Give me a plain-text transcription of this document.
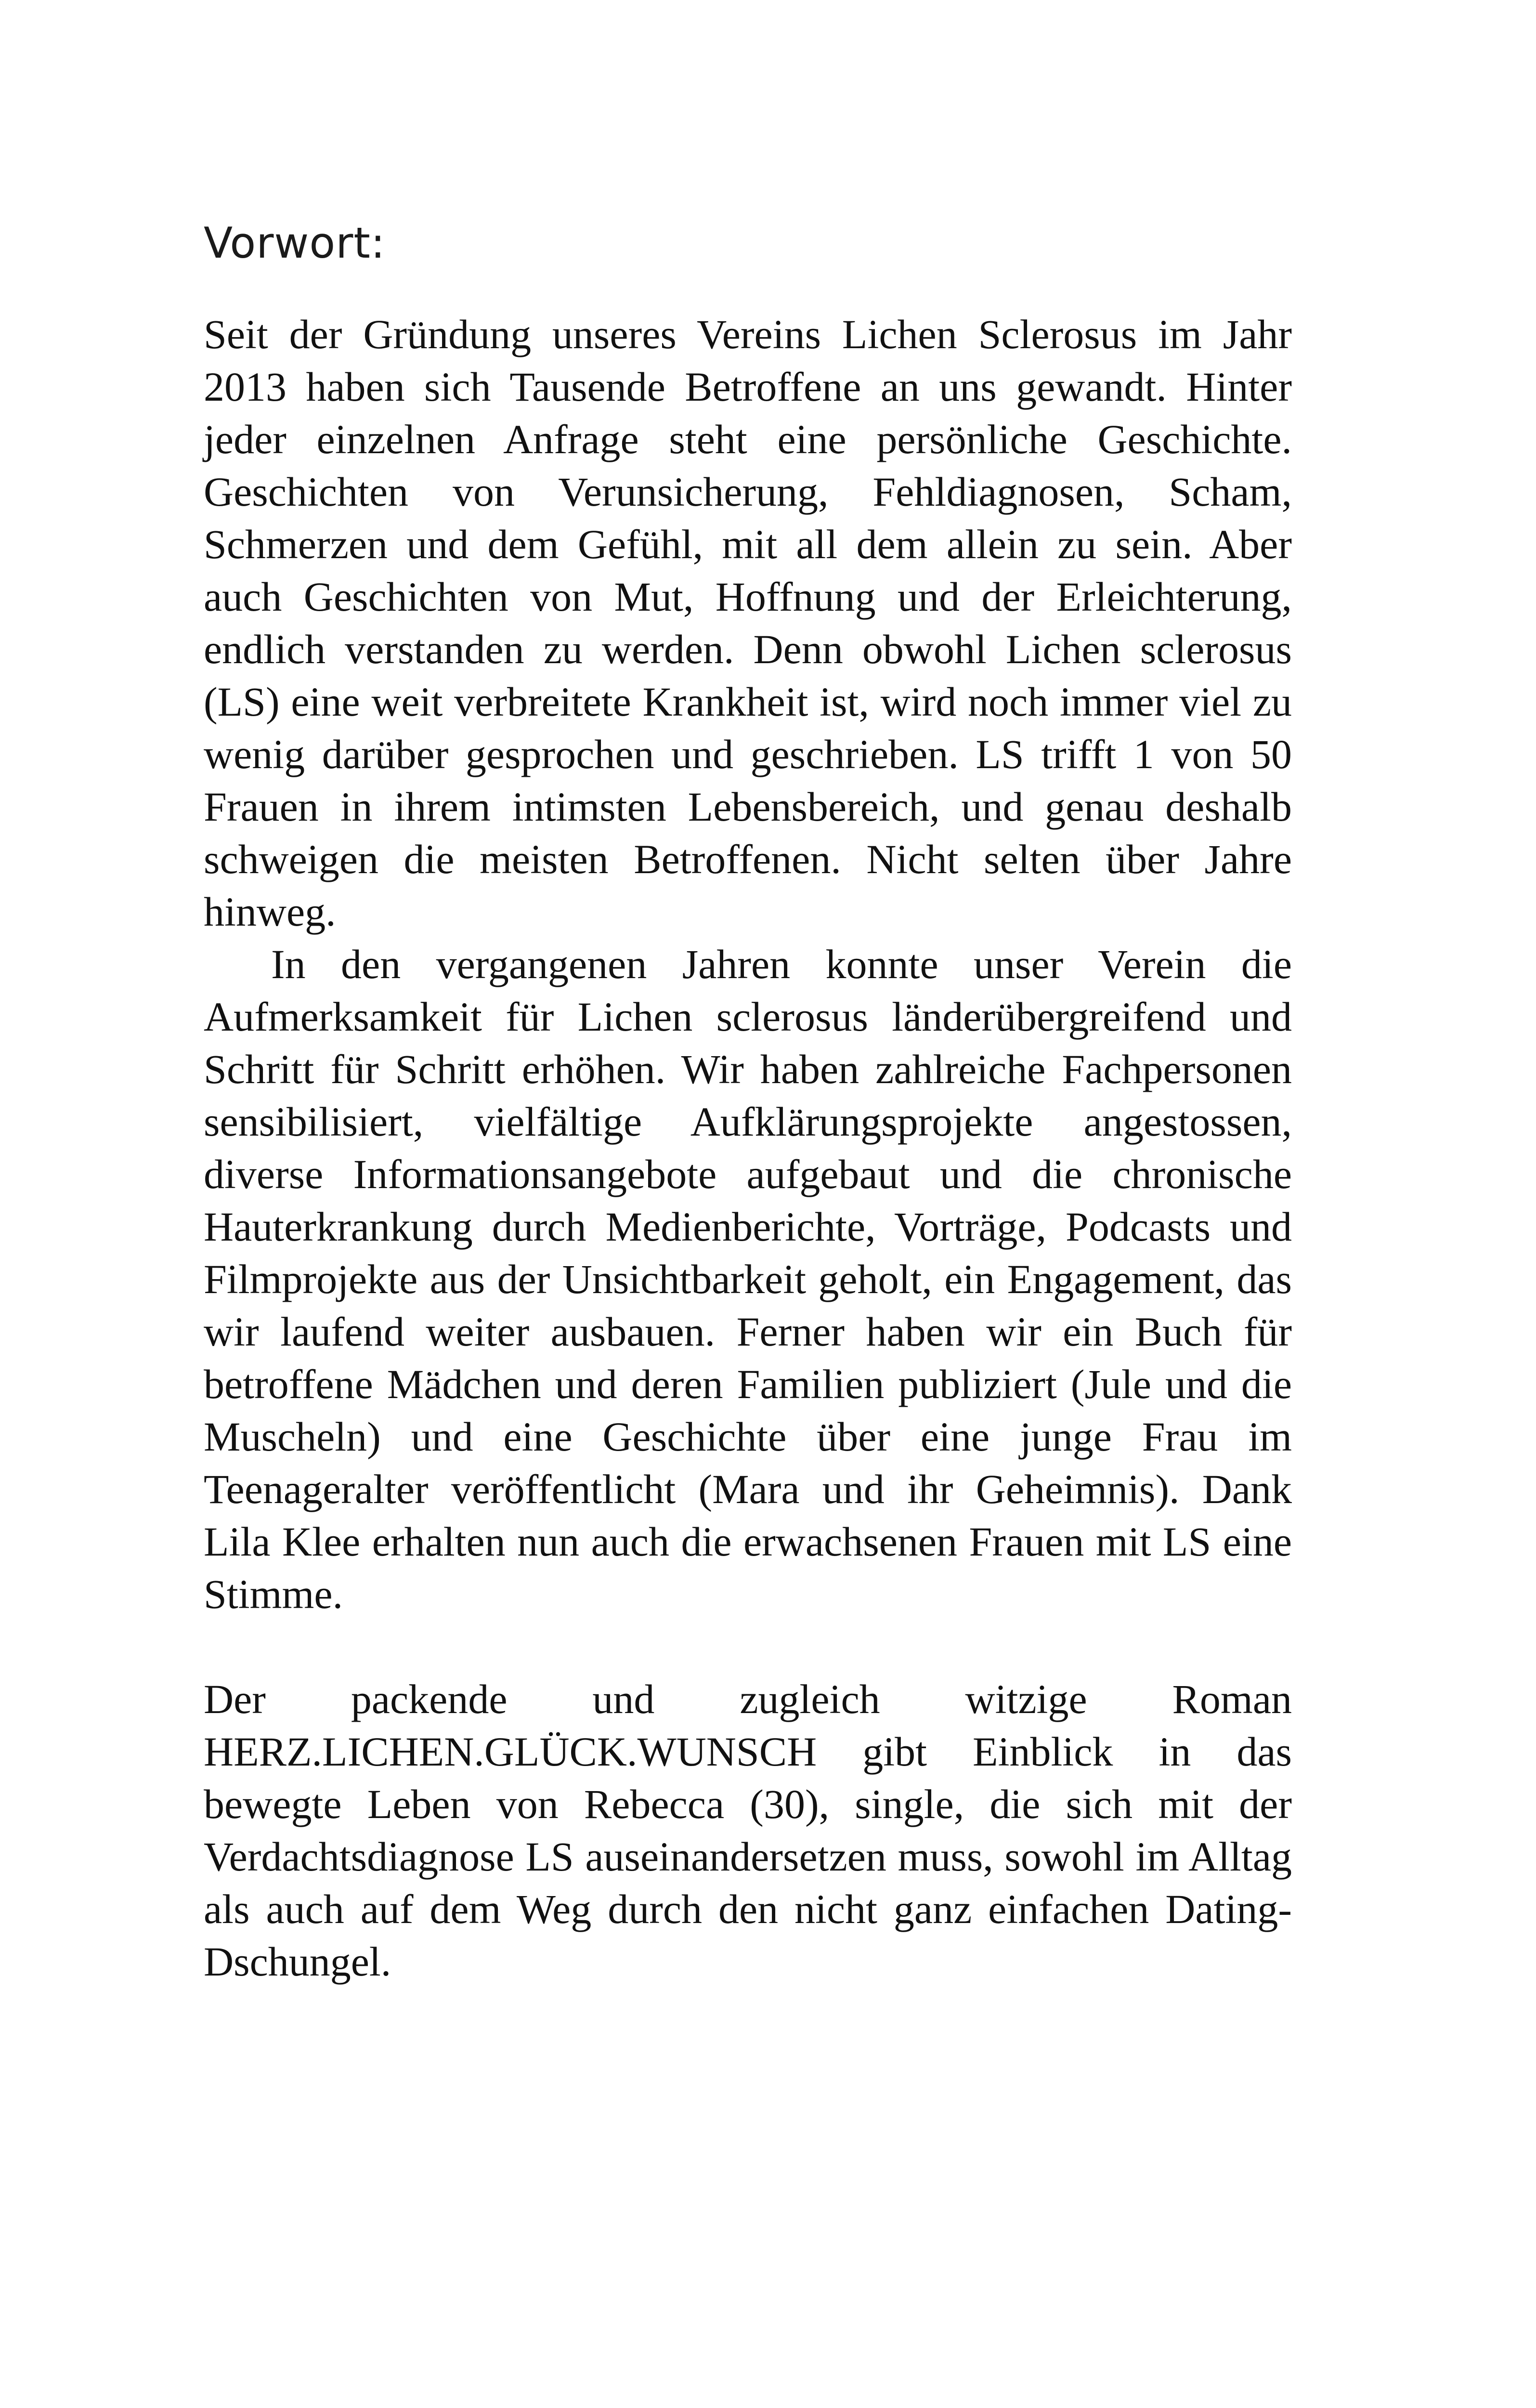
Vorwort:

Seit der Gründung unseres Vereins Lichen Sclerosus im Jahr 2013 haben sich Tausende Betroffene an uns gewandt. Hinter jeder einzelnen Anfrage steht eine persönliche Geschichte. Geschichten von Verunsicherung, Fehldiagnosen, Scham, Schmerzen und dem Gefühl, mit all dem allein zu sein. Aber auch Geschichten von Mut, Hoffnung und der Erleichterung, endlich verstanden zu werden. Denn obwohl Lichen sclerosus (LS) eine weit verbreitete Krankheit ist, wird noch immer viel zu wenig darüber gesprochen und geschrieben. LS trifft 1 von 50 Frauen in ihrem intimsten Lebensbereich, und genau deshalb schweigen die meisten Betroffenen. Nicht selten über Jahre hinweg.

In den vergangenen Jahren konnte unser Verein die Aufmerksamkeit für Lichen sclerosus länderübergreifend und Schritt für Schritt erhöhen. Wir haben zahlreiche Fachpersonen sensibilisiert, vielfältige Aufklärungsprojekte angestossen, diverse Informationsangebote aufgebaut und die chronische Hauterkrankung durch Medienberichte, Vorträge, Podcasts und Filmprojekte aus der Unsichtbarkeit geholt, ein Engagement, das wir laufend weiter ausbauen. Ferner haben wir ein Buch für betroffene Mädchen und deren Familien publiziert (Jule und die Muscheln) und eine Geschichte über eine junge Frau im Teenageralter veröffentlicht (Mara und ihr Geheimnis). Dank Lila Klee erhalten nun auch die erwachsenen Frauen mit LS eine Stimme.

Der packende und zugleich witzige Roman HERZ.LICHEN.GLÜCK.WUNSCH gibt Einblick in das bewegte Leben von Rebecca (30), single, die sich mit der Verdachtsdiagnose LS auseinandersetzen muss, sowohl im Alltag als auch auf dem Weg durch den nicht ganz einfachen Dating-Dschungel.
